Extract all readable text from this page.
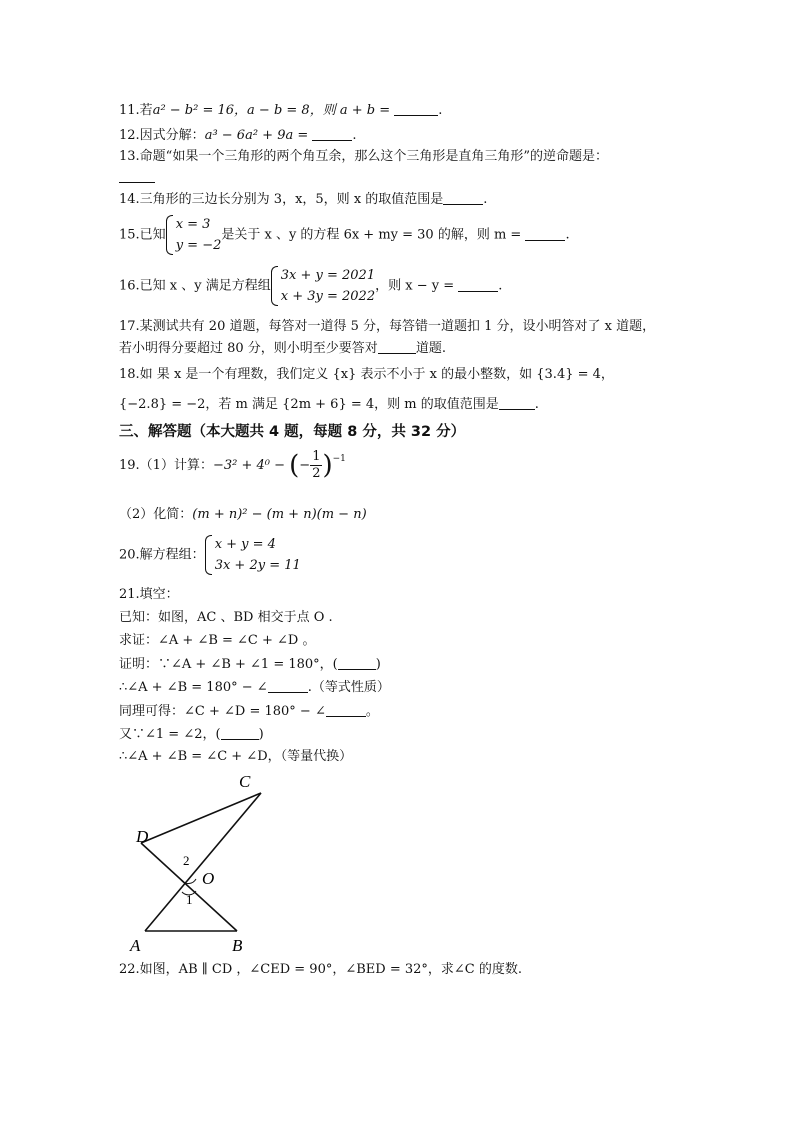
11.若a² − b² = 16，a − b = 8，则 a + b =	.
12.因式分解：a³ − 6a² + 9a =	.
13.命题“如果一个三角形的两个角互余，那么这个三角形是直角三角形”的逆命题是：
14.三角形的三边长分别为 3，x，5，则 x 的取值范围是	.
15.已知
x = 3
y = −2
是关于 x 、y 的方程 6x + my = 30 的解，则 m =	.
16.已知 x 、y 满足方程组
3x + y = 2021
x + 3y = 2022
，则 x − y =	.
17.某测试共有 20 道题，每答对一道得 5 分，每答错一道题扣 1 分，设小明答对了 x 道题，
若小明得分要超过 80 分，则小明至少要答对	道题.
18.如 果 x 是一个有理数，我们定义 {x} 表示不小于 x 的最小整数，如 {3.4} = 4，
{−2.8} = −2，若 m 满足 {2m + 6} = 4，则 m 的取值范围是	.
三、解答题（本大题共 4 题，每题 8 分，共 32 分）
19.（1）计算：−3² + 4⁰ − (− $\frac{1}{2} )^{-1}$
（2）化简：(m + n)² − (m + n)(m − n)
20.解方程组：
x + y = 4
3x + 2y = 11
21.填空：
已知：如图，AC 、BD 相交于点 O .
求证：∠A + ∠B = ∠C + ∠D 。
证明：∵∠A + ∠B + ∠1 = 180°，(	)
∴∠A + ∠B = 180° − ∠	.（等式性质）
同理可得：∠C + ∠D = 180° − ∠	。
又∵∠1 = ∠2，(	)
∴∠A + ∠B = ∠C + ∠D，（等量代换）
D
C
A	B
O
2
1
22.如图，AB ∥ CD ，∠CED = 90°，∠BED = 32°，求∠C 的度数.
